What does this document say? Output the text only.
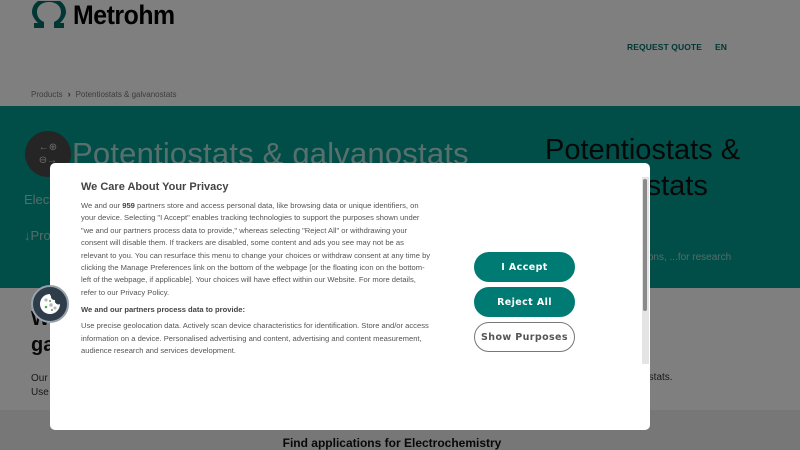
We Care About Your Privacy
We and our 959 partners store and access personal data, like browsing data or unique identifiers, on your device. Selecting "I Accept" enables tracking technologies to support the purposes shown under "we and our partners process data to provide," whereas selecting "Reject All" or withdrawing your consent will disable them. If trackers are disabled, some content and ads you see may not be as relevant to you. You can resurface this menu to change your choices or withdraw consent at any time by clicking the Manage Preferences link on the bottom of the webpage [or the floating icon on the bottom-left of the webpage, if applicable]. Your choices will have effect within our Website. For more details, refer to our Privacy Policy.
We and our partners process data to provide:
Use precise geolocation data. Actively scan device characteristics for identification. Store and/or access information on a device. Personalised advertising and content, advertising and content measurement, audience research and services development.
I Accept
Reject All
Show Purposes
